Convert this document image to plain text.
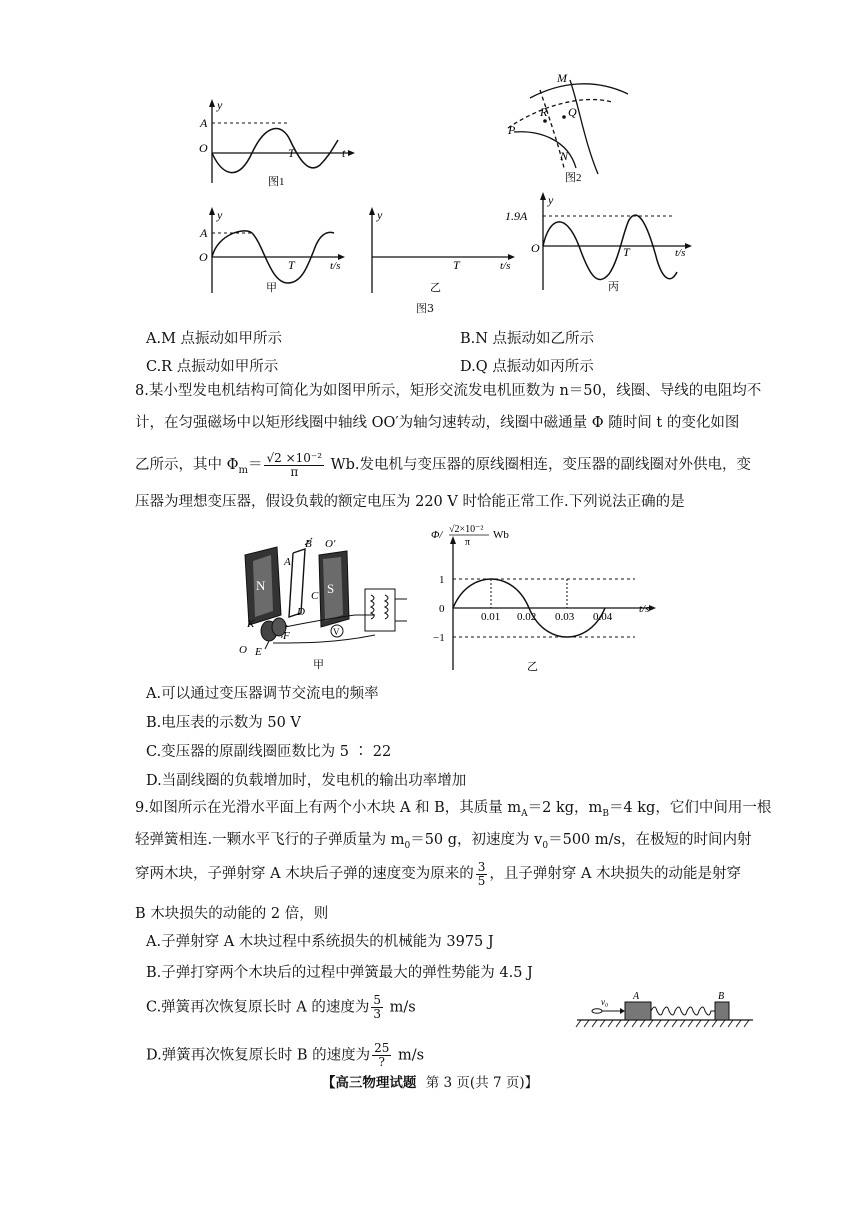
y
A
O	T	t
图1
M
R Q
P
N
图2
y
A
O
T	t/s
甲
y
T	t/s
乙
y
1.9A
O	T	t/s
丙
图3
A.M 点振动如甲所示	B.N 点振动如乙所示
C.R 点振动如甲所示	D.Q 点振动如丙所示
8.某小型发电机结构可简化为如图甲所示，矩形交流发电机匝数为 n＝50，线圈、导线的电阻均不
计，在匀强磁场中以矩形线圈中轴线 OO′为轴匀速转动，线圈中磁通量 Φ 随时间 t 的变化如图
乙所示，其中 $\Phi_m= \frac{\text{√2 ×10⁻²}}{\pi} Wb$.发电机与变压器的原线圈相连，变压器的副线圈对外供电，变
压器为理想变压器，假设负载的额定电压为 220 V 时恰能正常工作.下列说法正确的是
N	S
V
B
A
O′
C
D
K
F
O E
甲
Φ/ √2×10⁻²
π
Wb
t/s
1
0
−1
0.01 0.02 0.03 0.04
乙
A.可以通过变压器调节交流电的频率
B.电压表的示数为 50 V
C.变压器的原副线圈匝数比为 5 ∶ 22
D.当副线圈的负载增加时，发电机的输出功率增加
9.如图所示在光滑水平面上有两个小木块 A 和 B，其质量 $m_A=2$ kg，$m_B=4$ kg，它们中间用一根
轻弹簧相连.一颗水平飞行的子弹质量为 $m_0=50$ g，初速度为 $v_0=500$ m/s，在极短的时间内射
穿两木块，子弹射穿 A 木块后子弹的速度变为原来的 $\frac{3}{5}$ ，且子弹射穿 A 木块损失的动能是射穿
B 木块损失的动能的 2 倍，则
A.子弹射穿 A 木块过程中系统损失的机械能为 3975 J
B.子弹打穿两个木块后的过程中弹簧最大的弹性势能为 4.5 J
C.弹簧再次恢复原长时 A 的速度为 $\frac{5}{3} m/s$
D.弹簧再次恢复原长时 B 的速度为 $\frac{25}{?} m/s$
A	B
v₀
【高三物理试题 第 3 页(共 7 页)】
